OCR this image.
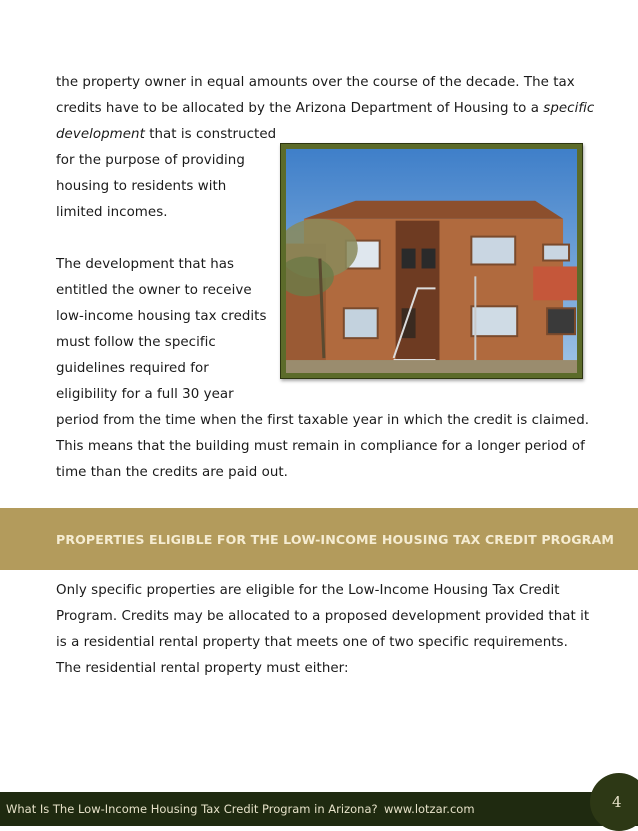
the property owner in equal amounts over the course of the decade. The tax
credits have to be allocated by the Arizona Department of Housing to a specific
development that is constructed
for the purpose of providing
housing to residents with
limited incomes.
The development that has
entitled the owner to receive
low-income housing tax credits
must follow the specific
guidelines required for
eligibility for a full 30 year
period from the time when the first taxable year in which the credit is claimed.
This means that the building must remain in compliance for a longer period of
time than the credits are paid out.
PROPERTIES ELIGIBLE FOR THE LOW-INCOME HOUSING TAX CREDIT PROGRAM
Only specific properties are eligible for the Low-Income Housing Tax Credit
Program. Credits may be allocated to a proposed development provided that it
is a residential rental property that meets one of two specific requirements.
The residential rental property must either:
What Is The Low-Income Housing Tax Credit Program in Arizona? www.lotzar.com	4
